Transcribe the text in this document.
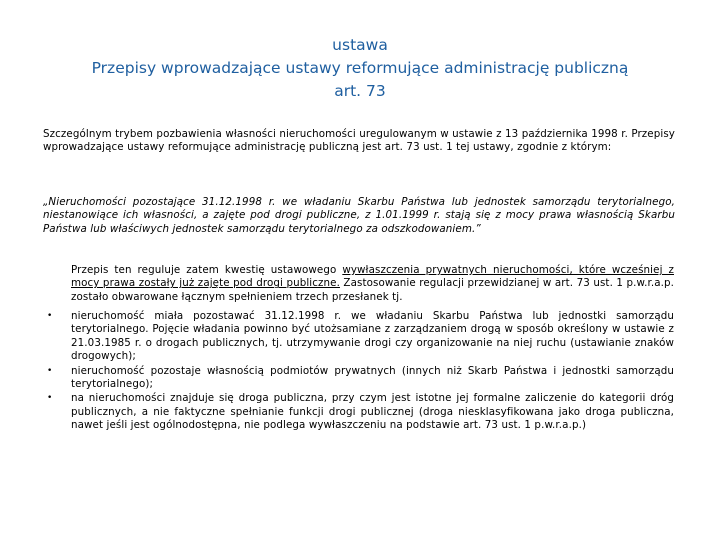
ustawa
Przepisy wprowadzające ustawy reformujące administrację publiczną
art. 73
Szczególnym trybem pozbawienia własności nieruchomości uregulowanym w ustawie z 13 października 1998 r. Przepisy wprowadzające ustawy reformujące administrację publiczną jest art. 73 ust. 1 tej ustawy, zgodnie z którym:
„Nieruchomości pozostające 31.12.1998 r. we władaniu Skarbu Państwa lub jednostek samorządu terytorialnego, niestanowiące ich własności, a zajęte pod drogi publiczne, z 1.01.1999 r. stają się z mocy prawa własnością Skarbu Państwa lub właściwych jednostek samorządu terytorialnego za odszkodowaniem.”
Przepis ten reguluje zatem kwestię ustawowego wywłaszczenia prywatnych nieruchomości, które wcześniej z mocy prawa zostały już zajęte pod drogi publiczne. Zastosowanie regulacji przewidzianej w art. 73 ust. 1 p.w.r.a.p. zostało obwarowane łącznym spełnieniem trzech przesłanek tj.
• nieruchomość miała pozostawać 31.12.1998 r. we władaniu Skarbu Państwa lub jednostki samorządu terytorialnego. Pojęcie władania powinno być utożsamiane z zarządzaniem drogą w sposób określony w ustawie z 21.03.1985 r. o drogach publicznych, tj. utrzymywanie drogi czy organizowanie na niej ruchu (ustawianie znaków drogowych);
• nieruchomość pozostaje własnością podmiotów prywatnych (innych niż Skarb Państwa i jednostki samorządu terytorialnego);
• na nieruchomości znajduje się droga publiczna, przy czym jest istotne jej formalne zaliczenie do kategorii dróg publicznych, a nie faktyczne spełnianie funkcji drogi publicznej (droga niesklasyfikowana jako droga publiczna, nawet jeśli jest ogólnodostępna, nie podlega wywłaszczeniu na podstawie art. 73 ust. 1 p.w.r.a.p.)
